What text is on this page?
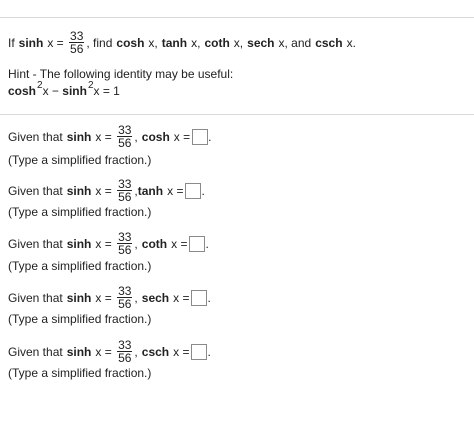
If $\sinh x = \frac{33}{56}$ , find cosh x , tanh x , coth x , sech x , and csch x .
Hint - The following identity may be useful:
cosh 2 x − sinh 2 x = 1
Given that $\sinh x = \frac{33}{56}$ , cosh x = .
(Type a simplified fraction.)
Given that $\sinh x = \frac{33}{56}$ , tanh x = .
(Type a simplified fraction.)
Given that $\sinh x = \frac{33}{56}$ , coth x = .
(Type a simplified fraction.)
Given that $\sinh x = \frac{33}{56}$ , sech x = .
(Type a simplified fraction.)
Given that $\sinh x = \frac{33}{56}$ , csch x = .
(Type a simplified fraction.)
